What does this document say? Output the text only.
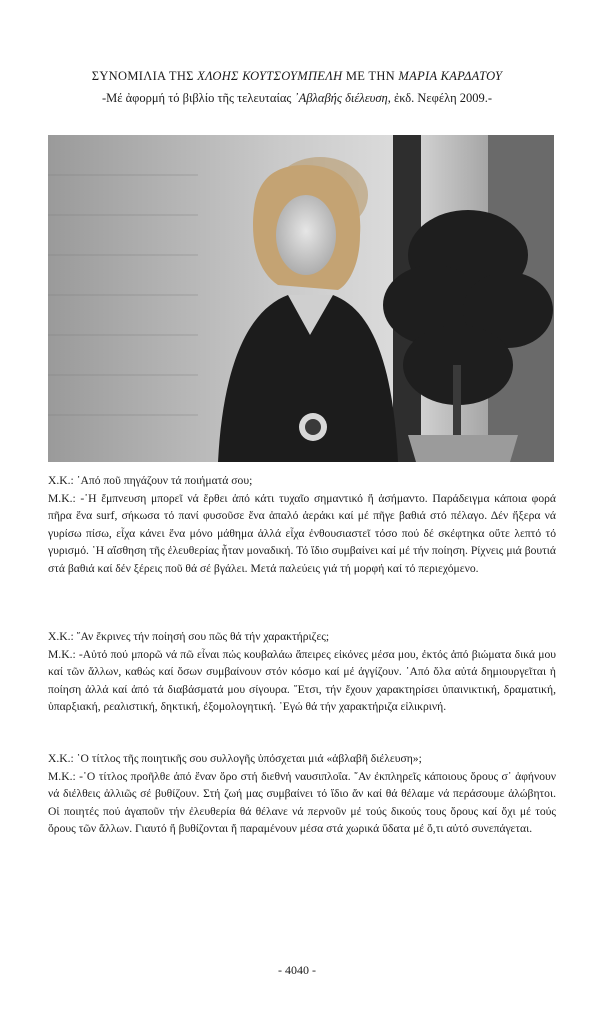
ΣΥΝΟΜΙΛΙΑ ΤΗΣ ΧΛΟΗΣ ΚΟΥΤΣΟΥΜΠΕΛΗ ΜΕ ΤΗΝ ΜΑΡΙΑ ΚΑΡΔΑΤΟΥ
-Μέ ἀφορμή τό βιβλίο τῆς τελευταίας ᾿Αβλαβής διέλευση, ἐκδ. Νεφέλη 2009.-

Χ.Κ.: ᾿Από ποῦ πηγάζουν τά ποιήματά σου;

Μ.Κ.: -῾Η ἔμπνευση μπορεῖ νά ἔρθει ἀπό κάτι τυχαῖο σημαντικό ἤ ἀσήμαντο. Παράδειγμα κάποια φορά πῆρα ἕνα surf, σήκωσα τό πανί φυσοῦσε ἕνα ἁπαλό ἀεράκι καί μέ πῆγε βαθιά στό πέλαγο. Δέν ἤξερα νά γυρίσω πίσω, εἶχα κάνει ἕνα μόνο μάθημα ἀλλά εἶχα ἐνθουσιαστεῖ τόσο πού δέ σκέφτηκα οὔτε λεπτό τό γυρισμό. ῾Η αἴσθηση τῆς ἐλευθερίας ἦταν μοναδική. Τό ἴδιο συμβαίνει καί μέ τήν ποίηση. Ρίχνεις μιά βουτιά στά βαθιά καί δέν ξέρεις ποῦ θά σέ βγάλει. Μετά παλεύεις γιά τή μορφή καί τό περιεχόμενο.

Χ.Κ.: ῎Αν ἔκρινες τήν ποίησή σου πῶς θά τήν χαρακτήριζες;

Μ.Κ.: -Αὐτό πού μπορῶ νά πῶ εἶναι πώς κουβαλάω ἄπειρες εἰκόνες μέσα μου, ἐκτός ἀπό βιώματα δικά μου καί τῶν ἄλλων, καθώς καί ὅσων συμβαίνουν στόν κόσμο καί μέ ἀγγίζουν. ᾿Από ὅλα αὐτά δημιουργεῖται ἡ ποίηση ἀλλά καί ἀπό τά διαβάσματά μου σίγουρα. ῎Ετσι, τήν ἔχουν χαρακτηρίσει ὑπαινικτική, δραματική, ὑπαρξιακή, ρεαλιστική, δηκτική, ἐξομολογητική. ᾿Εγώ θά τήν χαρακτήριζα εἰλικρινή.

Χ.Κ.: ῾Ο τίτλος τῆς ποιητικῆς σου συλλογῆς ὑπόσχεται μιά «ἀβλαβῆ διέλευση»;

Μ.Κ.: -῾Ο τίτλος προῆλθε ἀπό ἕναν ὅρο στή διεθνή ναυσιπλοΐα. ῎Αν ἐκπληρεῖς κάποιους ὅρους σ᾿ ἀφήνουν νά διέλθεις ἀλλιῶς σέ βυθίζουν. Στή ζωή μας συμβαίνει τό ἴδιο ἄν καί θά θέλαμε νά περάσουμε ἀλώβητοι. Οἱ ποιητές πού ἀγαποῦν τήν ἐλευθερία θά θέλανε νά περνοῦν μέ τούς δικούς τους ὅρους καί ὄχι μέ τούς ὅρους τῶν ἄλλων. Γιαυτό ἤ βυθίζονται ἤ παραμένουν μέσα στά χωρικά ὕδατα μέ ὅ,τι αὐτό συνεπάγεται.

- 4040 -
